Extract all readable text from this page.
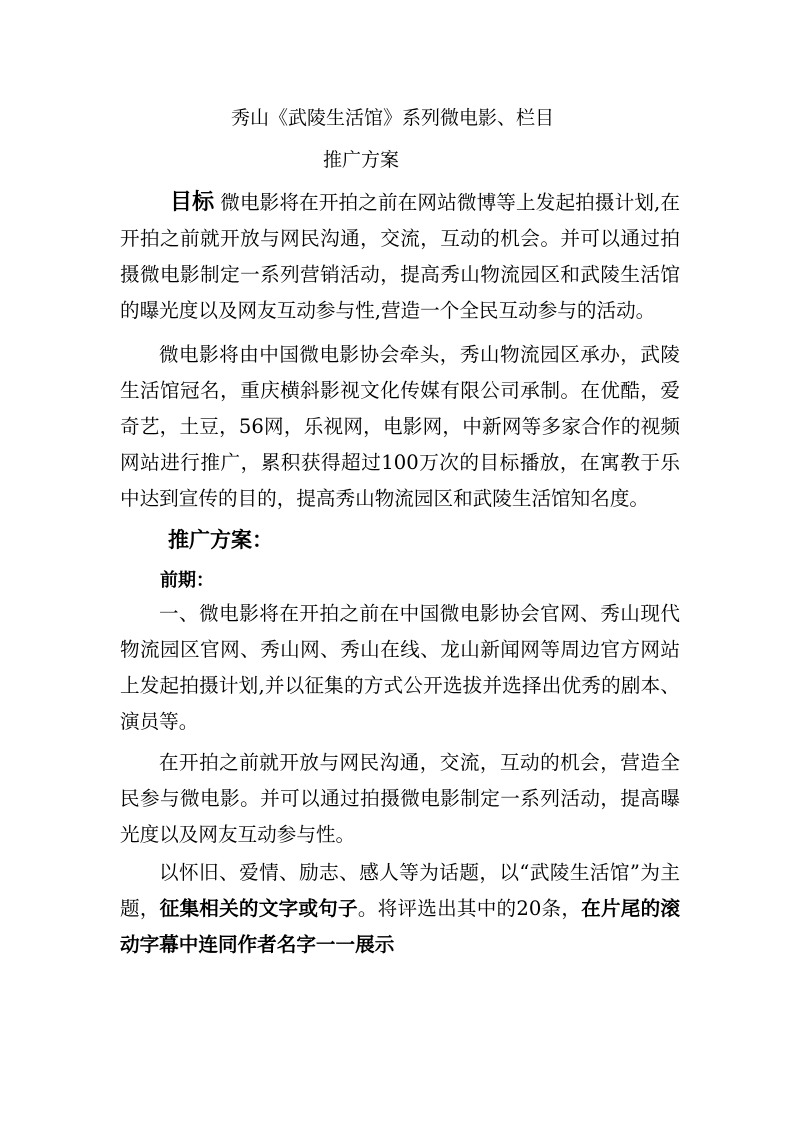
秀山《武陵生活馆》系列微电影、栏目
推广方案
目标 微电影将在开拍之前在网站微博等上发起拍摄计划,在开拍之前就开放与网民沟通，交流，互动的机会。并可以通过拍摄微电影制定一系列营销活动，提高秀山物流园区和武陵生活馆的曝光度以及网友互动参与性,营造一个全民互动参与的活动。
微电影将由中国微电影协会牵头，秀山物流园区承办，武陵生活馆冠名，重庆横斜影视文化传媒有限公司承制。在优酷，爱奇艺，土豆，56网，乐视网，电影网，中新网等多家合作的视频网站进行推广，累积获得超过100万次的目标播放，在寓教于乐中达到宣传的目的，提高秀山物流园区和武陵生活馆知名度。
推广方案：
前期：
一、微电影将在开拍之前在中国微电影协会官网、秀山现代物流园区官网、秀山网、秀山在线、龙山新闻网等周边官方网站上发起拍摄计划,并以征集的方式公开选拔并选择出优秀的剧本、演员等。
在开拍之前就开放与网民沟通，交流，互动的机会，营造全民参与微电影。并可以通过拍摄微电影制定一系列活动，提高曝光度以及网友互动参与性。
以怀旧、爱情、励志、感人等为话题，以“武陵生活馆”为主题，征集相关的文字或句子。将评选出其中的20条，在片尾的滚动字幕中连同作者名字一一展示
